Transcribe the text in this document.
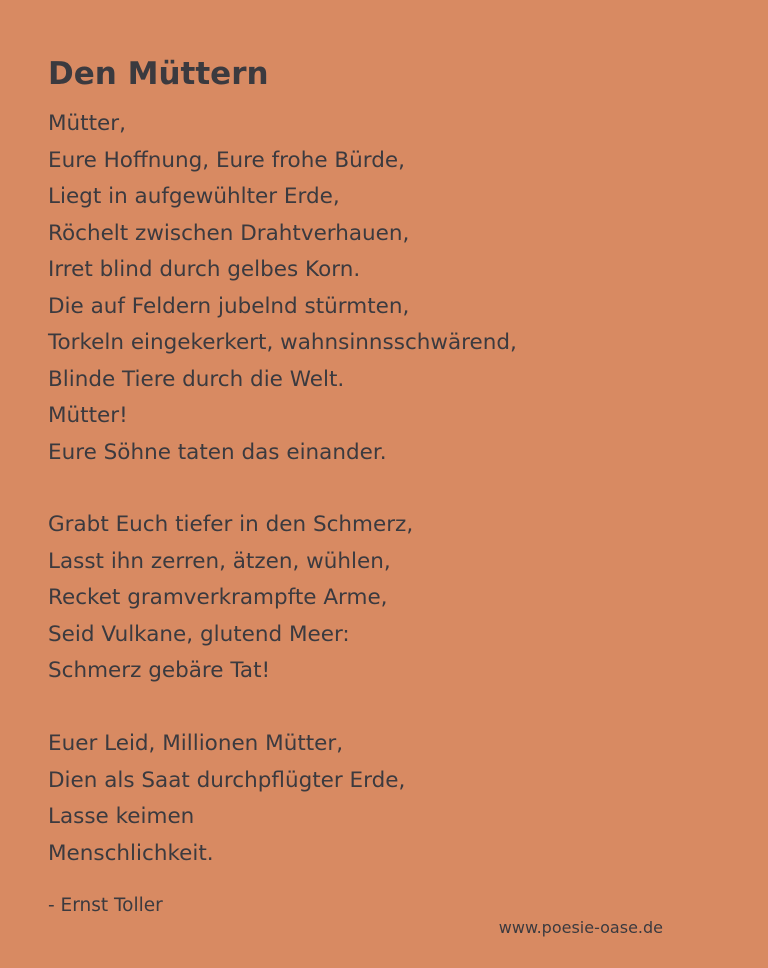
Den Müttern
Mütter,
Eure Hoffnung, Eure frohe Bürde,
Liegt in aufgewühlter Erde,
Röchelt zwischen Drahtverhauen,
Irret blind durch gelbes Korn.
Die auf Feldern jubelnd stürmten,
Torkeln eingekerkert, wahnsinnsschwärend,
Blinde Tiere durch die Welt.
Mütter!
Eure Söhne taten das einander.
Grabt Euch tiefer in den Schmerz,
Lasst ihn zerren, ätzen, wühlen,
Recket gramverkrampfte Arme,
Seid Vulkane, glutend Meer:
Schmerz gebäre Tat!
Euer Leid, Millionen Mütter,
Dien als Saat durchpflügter Erde,
Lasse keimen
Menschlichkeit.
- Ernst Toller
www.poesie-oase.de
